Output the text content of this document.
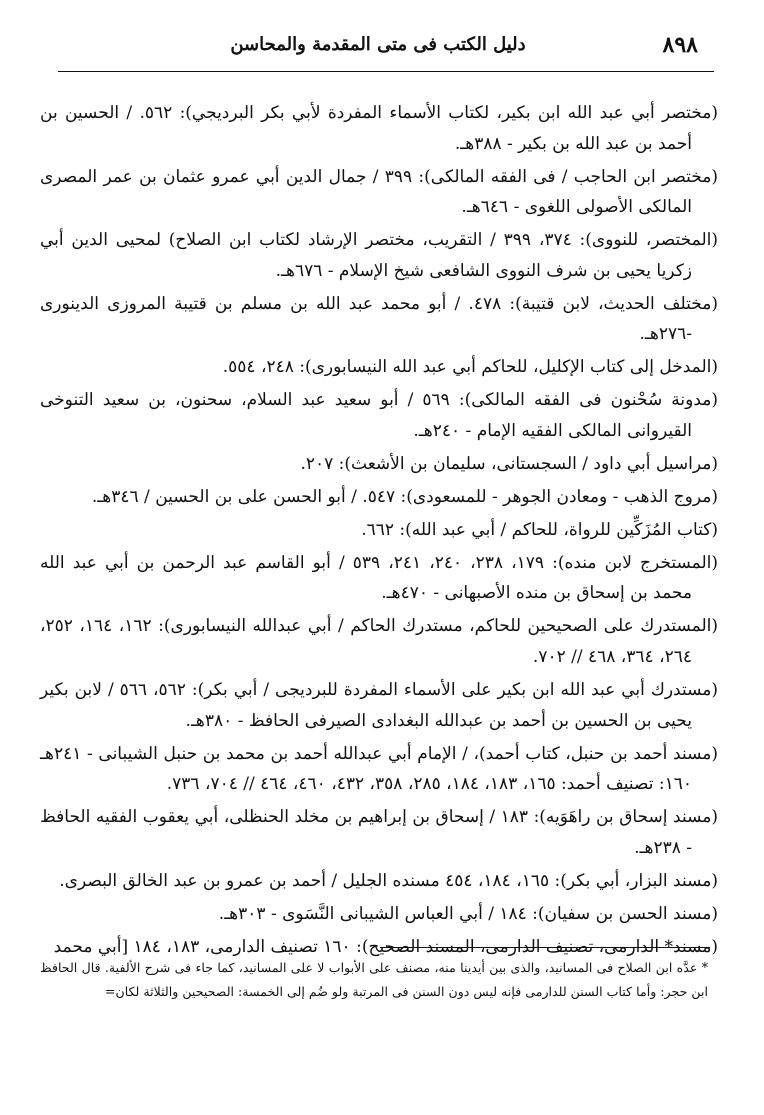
٨٩٨
دليل الكتب فى متى المقدمة والمحاسن

(مختصر أبي عبد الله ابن بكير، لكتاب الأسماء المفردة لأبي بكر البرديجي): ٥٦٢. / الحسين بن أحمد بن عبد الله بن بكير - ٣٨٨هـ.

(مختصر ابن الحاجب / فى الفقه المالكى): ٣٩٩ / جمال الدين أبي عمرو عثمان بن عمر المصرى المالكى الأصولى اللغوى - ٦٤٦هـ.

(المختصر، للنووى): ٣٧٤، ٣٩٩ / التقريب، مختصر الإرشاد لكتاب ابن الصلاح) لمحيى الدين أبي زكريا يحيى بن شرف النووى الشافعى شيخ الإسلام - ٦٧٦هـ.

(مختلف الحديث، لابن قتيبة): ٤٧٨. / أبو محمد عبد الله بن مسلم بن قتيبة المروزى الدينورى -٢٧٦هـ.

(المدخل إلى كتاب الإكليل، للحاكم أبي عبد الله النيسابورى): ٢٤٨، ٥٥٤.

(مدونة سُحْنون فى الفقه المالكى): ٥٦٩ / أبو سعيد عبد السلام، سحنون، بن سعيد التنوخى القيروانى المالكى الفقيه الإمام - ٢٤٠هـ.

(مراسيل أبي داود / السجستانى، سليمان بن الأشعث): ٢٠٧.

(مروج الذهب - ومعادن الجوهر - للمسعودى): ٥٤٧. / أبو الحسن على بن الحسين / ٣٤٦هـ.

(كتاب المُزَكِّين للرواة، للحاكم / أبي عبد الله): ٦٦٢.

(المستخرج لابن منده): ١٧٩، ٢٣٨، ٢٤٠، ٢٤١، ٥٣٩ / أبو القاسم عبد الرحمن بن أبي عبد الله محمد بن إسحاق بن منده الأصبهانى - ٤٧٠هـ.

(المستدرك على الصحيحين للحاكم، مستدرك الحاكم / أبي عبدالله النيسابورى): ١٦٢، ١٦٤، ٢٥٢، ٢٦٤، ٣٦٤، ٤٦٨ // ٧٠٢.

(مستدرك أبي عبد الله ابن بكير على الأسماء المفردة للبرديجى / أبي بكر): ٥٦٢، ٥٦٦ / لابن بكير يحيى بن الحسين بن أحمد بن عبدالله البغدادى الصيرفى الحافظ - ٣٨٠هـ.

(مسند أحمد بن حنبل، كتاب أحمد)، / الإمام أبي عبدالله أحمد بن محمد بن حنبل الشيبانى - ٢٤١هـ ١٦٠: تصنيف أحمد: ١٦٥، ١٨٣، ١٨٤، ٢٨٥، ٣٥٨، ٤٣٢، ٤٦٠، ٤٦٤ // ٧٠٤، ٧٣٦.

(مسند إسحاق بن راهَوَيه): ١٨٣ / إسحاق بن إبراهيم بن مخلد الحنظلى، أبي يعقوب الفقيه الحافظ - ٢٣٨هـ.

(مسند البزار، أبي بكر): ١٦٥، ١٨٤، ٤٥٤ مسنده الجليل / أحمد بن عمرو بن عبد الخالق البصرى.

(مسند الحسن بن سفيان): ١٨٤ / أبي العباس الشيبانى النَّسَوى - ٣٠٣هـ.

(مسند* الدارمى، تصنيف الدارمى، المسند الصحيح): ١٦٠ تصنيف الدارمى، ١٨٣، ١٨٤ [أبي محمد

* عدَّه ابن الصلاح فى المسانيد، والذى بين أيدينا منه، مصنف على الأبواب لا على المسانيد، كما جاء فى شرح الألفية. قال الحافظ ابن حجر: وأما كتاب السنن للدارمى فإنه ليس دون السنن فى المرتبة ولو ضُم إلى الخمسة: الصحيحين والثلاثة لكان=
